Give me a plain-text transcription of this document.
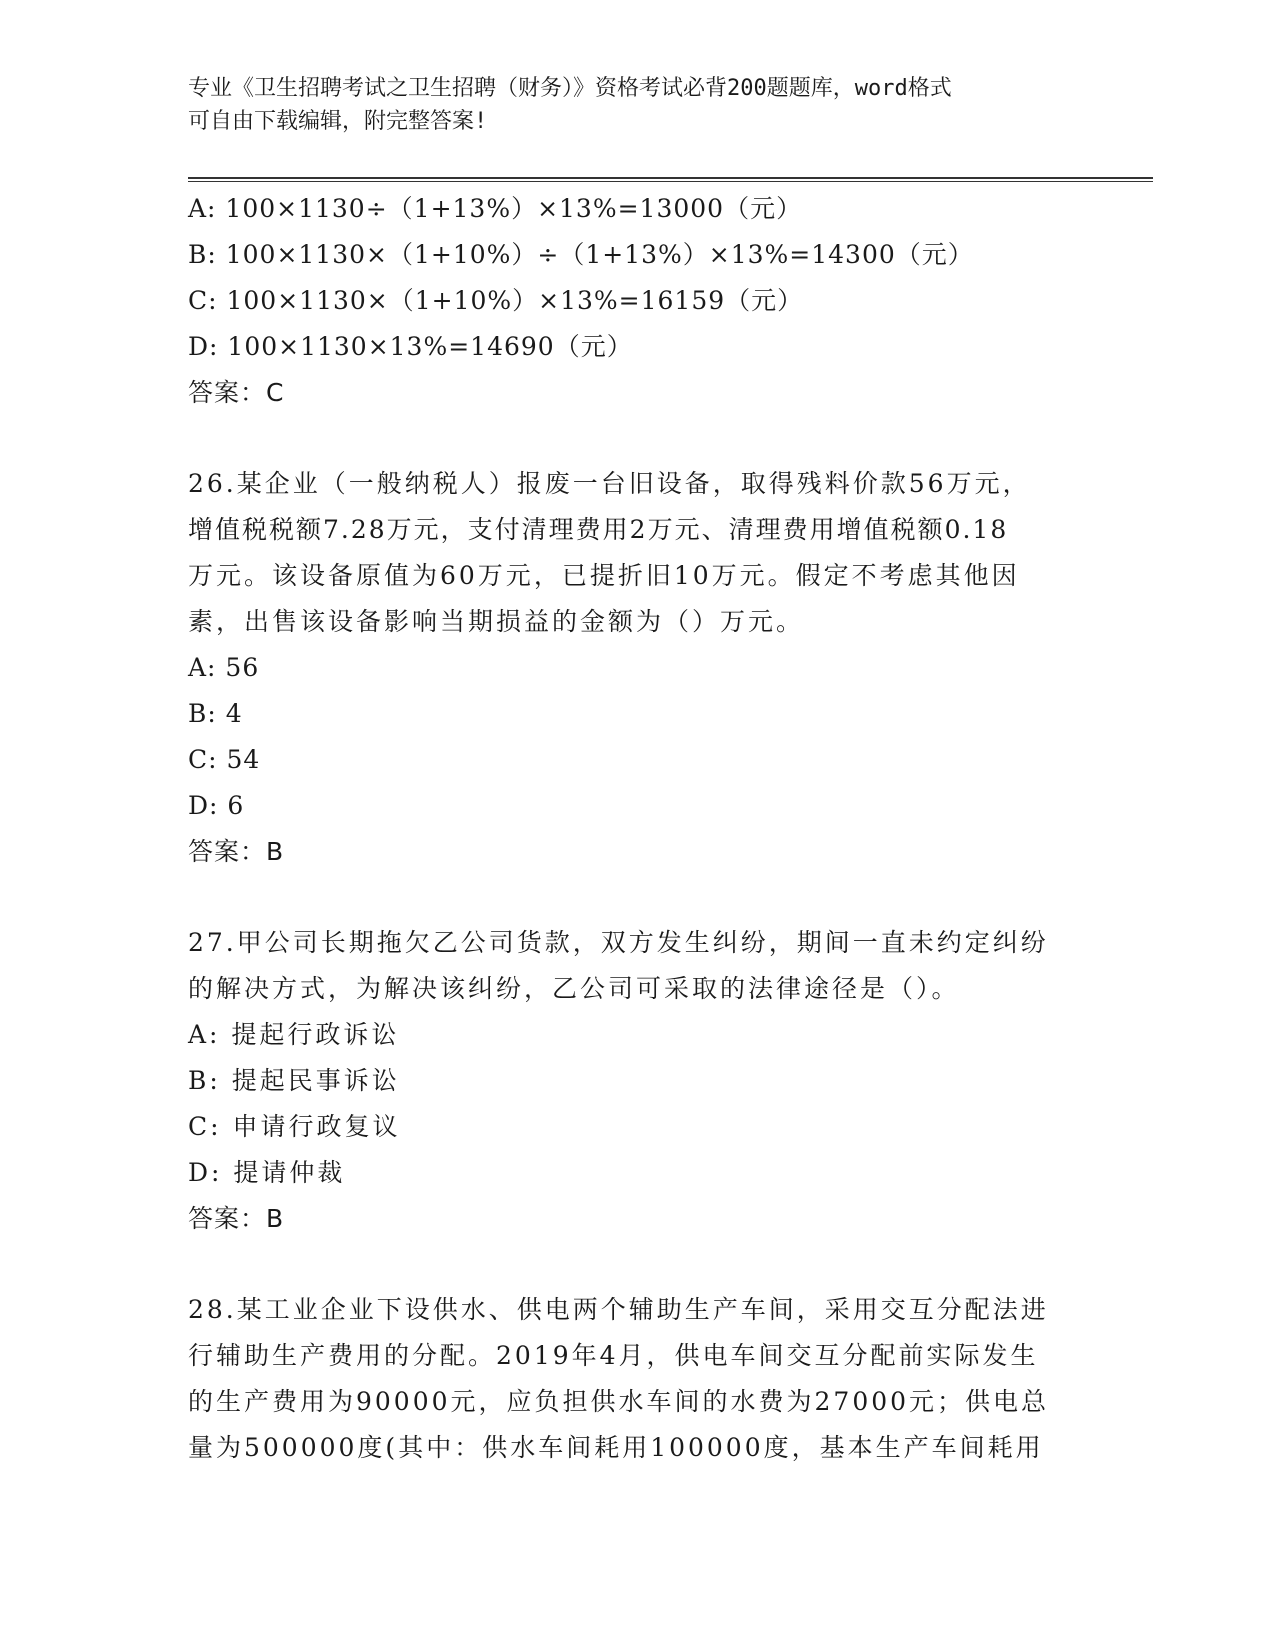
专业《卫生招聘考试之卫生招聘（财务）》资格考试必背200题题库，word格式
可自由下载编辑，附完整答案!
A: 100×1130÷（1+13%）×13%=13000（元）
B: 100×1130×（1+10%）÷（1+13%）×13%=14300（元）
C: 100×1130×（1+10%）×13%=16159（元）
D: 100×1130×13%=14690（元）
答案：C
26.某企业（一般纳税人）报废一台旧设备，取得残料价款56万元，
增值税税额7.28万元，支付清理费用2万元、清理费用增值税额0.18
万元。该设备原值为60万元，已提折旧10万元。假定不考虑其他因
素，出售该设备影响当期损益的金额为（）万元。
A: 56
B: 4
C: 54
D: 6
答案：B
27.甲公司长期拖欠乙公司货款，双方发生纠纷，期间一直未约定纠纷
的解决方式，为解决该纠纷，乙公司可采取的法律途径是（）。
A: 提起行政诉讼
B: 提起民事诉讼
C: 申请行政复议
D: 提请仲裁
答案：B
28.某工业企业下设供水、供电两个辅助生产车间，采用交互分配法进
行辅助生产费用的分配。2019年4月，供电车间交互分配前实际发生
的生产费用为90000元，应负担供水车间的水费为27000元；供电总
量为500000度(其中：供水车间耗用100000度，基本生产车间耗用
